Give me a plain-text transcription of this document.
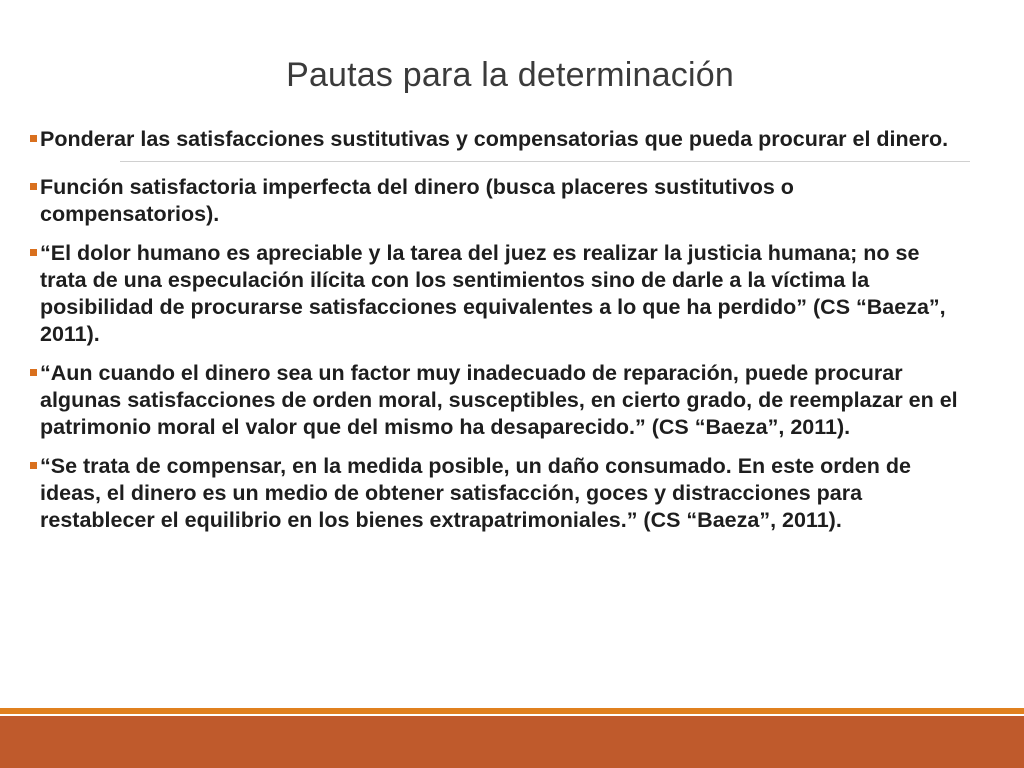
Pautas para la determinación
Ponderar las satisfacciones sustitutivas y compensatorias que pueda procurar el dinero.
Función satisfactoria imperfecta del dinero (busca placeres sustitutivos o compensatorios).
“El dolor humano es apreciable y la tarea del juez es realizar la justicia humana; no se trata de una especulación ilícita con los sentimientos sino de darle a la víctima la posibilidad de procurarse satisfacciones equivalentes a lo que ha perdido” (CS “Baeza”, 2011).
“Aun cuando el dinero sea un factor muy inadecuado de reparación, puede procurar algunas satisfacciones de orden moral, susceptibles, en cierto grado, de reemplazar en el patrimonio moral el valor que del mismo ha desaparecido.” (CS “Baeza”, 2011).
“Se trata de compensar, en la medida posible, un daño consumado. En este orden de ideas, el dinero es un medio de obtener satisfacción, goces y distracciones para restablecer el equilibrio en los bienes extrapatrimoniales.” (CS “Baeza”, 2011).
